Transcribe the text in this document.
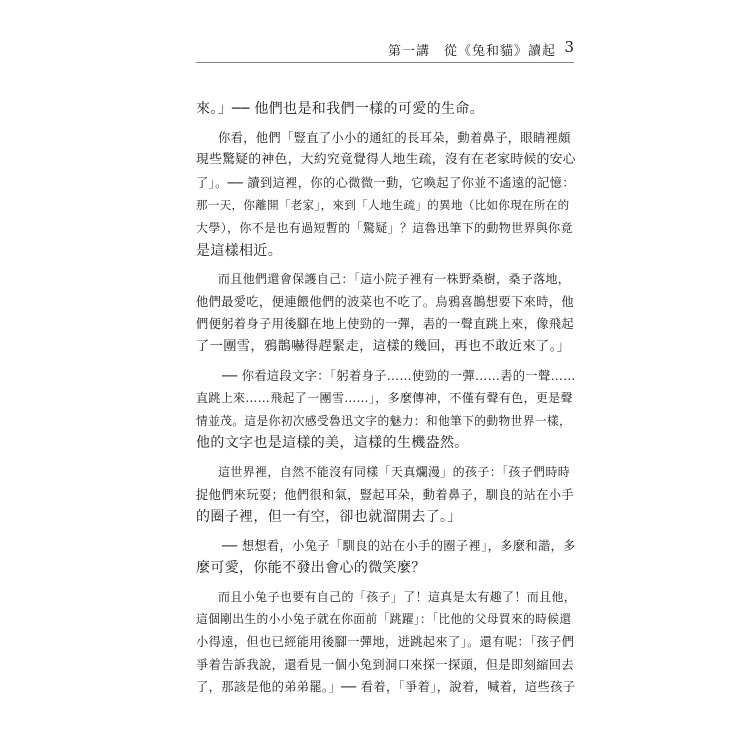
第一講　從《兔和貓》讀起 3
來。」── 他們也是和我們一樣的可愛的生命。
你看，他們「豎直了小小的通紅的長耳朵，動着鼻子，眼睛裡頗
現些驚疑的神色，大約究竟覺得人地生疏，沒有在老家時候的安心
了」。── 讀到這裡，你的心微微一動，它喚起了你並不遙遠的記憶：
那一天，你離開「老家」，來到「人地生疏」的異地（比如你現在所在的
大學），你不是也有過短暫的「驚疑」？這魯迅筆下的動物世界與你竟
是這樣相近。
而且他們還會保護自己：「這小院子裡有一株野桑樹，桑子落地，
他們最愛吃，便連餵他們的波菜也不吃了。烏鴉喜鵲想要下來時，他
們便躬着身子用後腳在地上使勁的一彈，砉的一聲直跳上來，像飛起
了一團雪，鴉鵲嚇得趕緊走，這樣的幾回，再也不敢近來了。」
── 你看這段文字：「躬着身子……使勁的一彈……砉的一聲……
直跳上來……飛起了一團雪……」，多麼傳神，不僅有聲有色，更是聲
情並茂。這是你初次感受魯迅文字的魅力：和他筆下的動物世界一樣，
他的文字也是這樣的美，這樣的生機盎然。
這世界裡，自然不能沒有同樣「天真爛漫」的孩子：「孩子們時時
捉他們來玩耍；他們很和氣，豎起耳朵，動着鼻子，馴良的站在小手
的圈子裡，但一有空，卻也就溜開去了。」
── 想想看，小兔子「馴良的站在小手的圈子裡」，多麼和諧，多
麼可愛，你能不發出會心的微笑麼？
而且小兔子也要有自己的「孩子」了！這真是太有趣了！而且他，
這個剛出生的小小兔子就在你面前「跳躍」：「比他的父母買來的時候還
小得遠，但也已經能用後腳一彈地，迸跳起來了」。還有呢：「孩子們
爭着告訴我說，還看見一個小兔到洞口來探一探頭，但是即刻縮回去
了，那該是他的弟弟罷。」── 看着，「爭着」，說着，喊着，這些孩子
